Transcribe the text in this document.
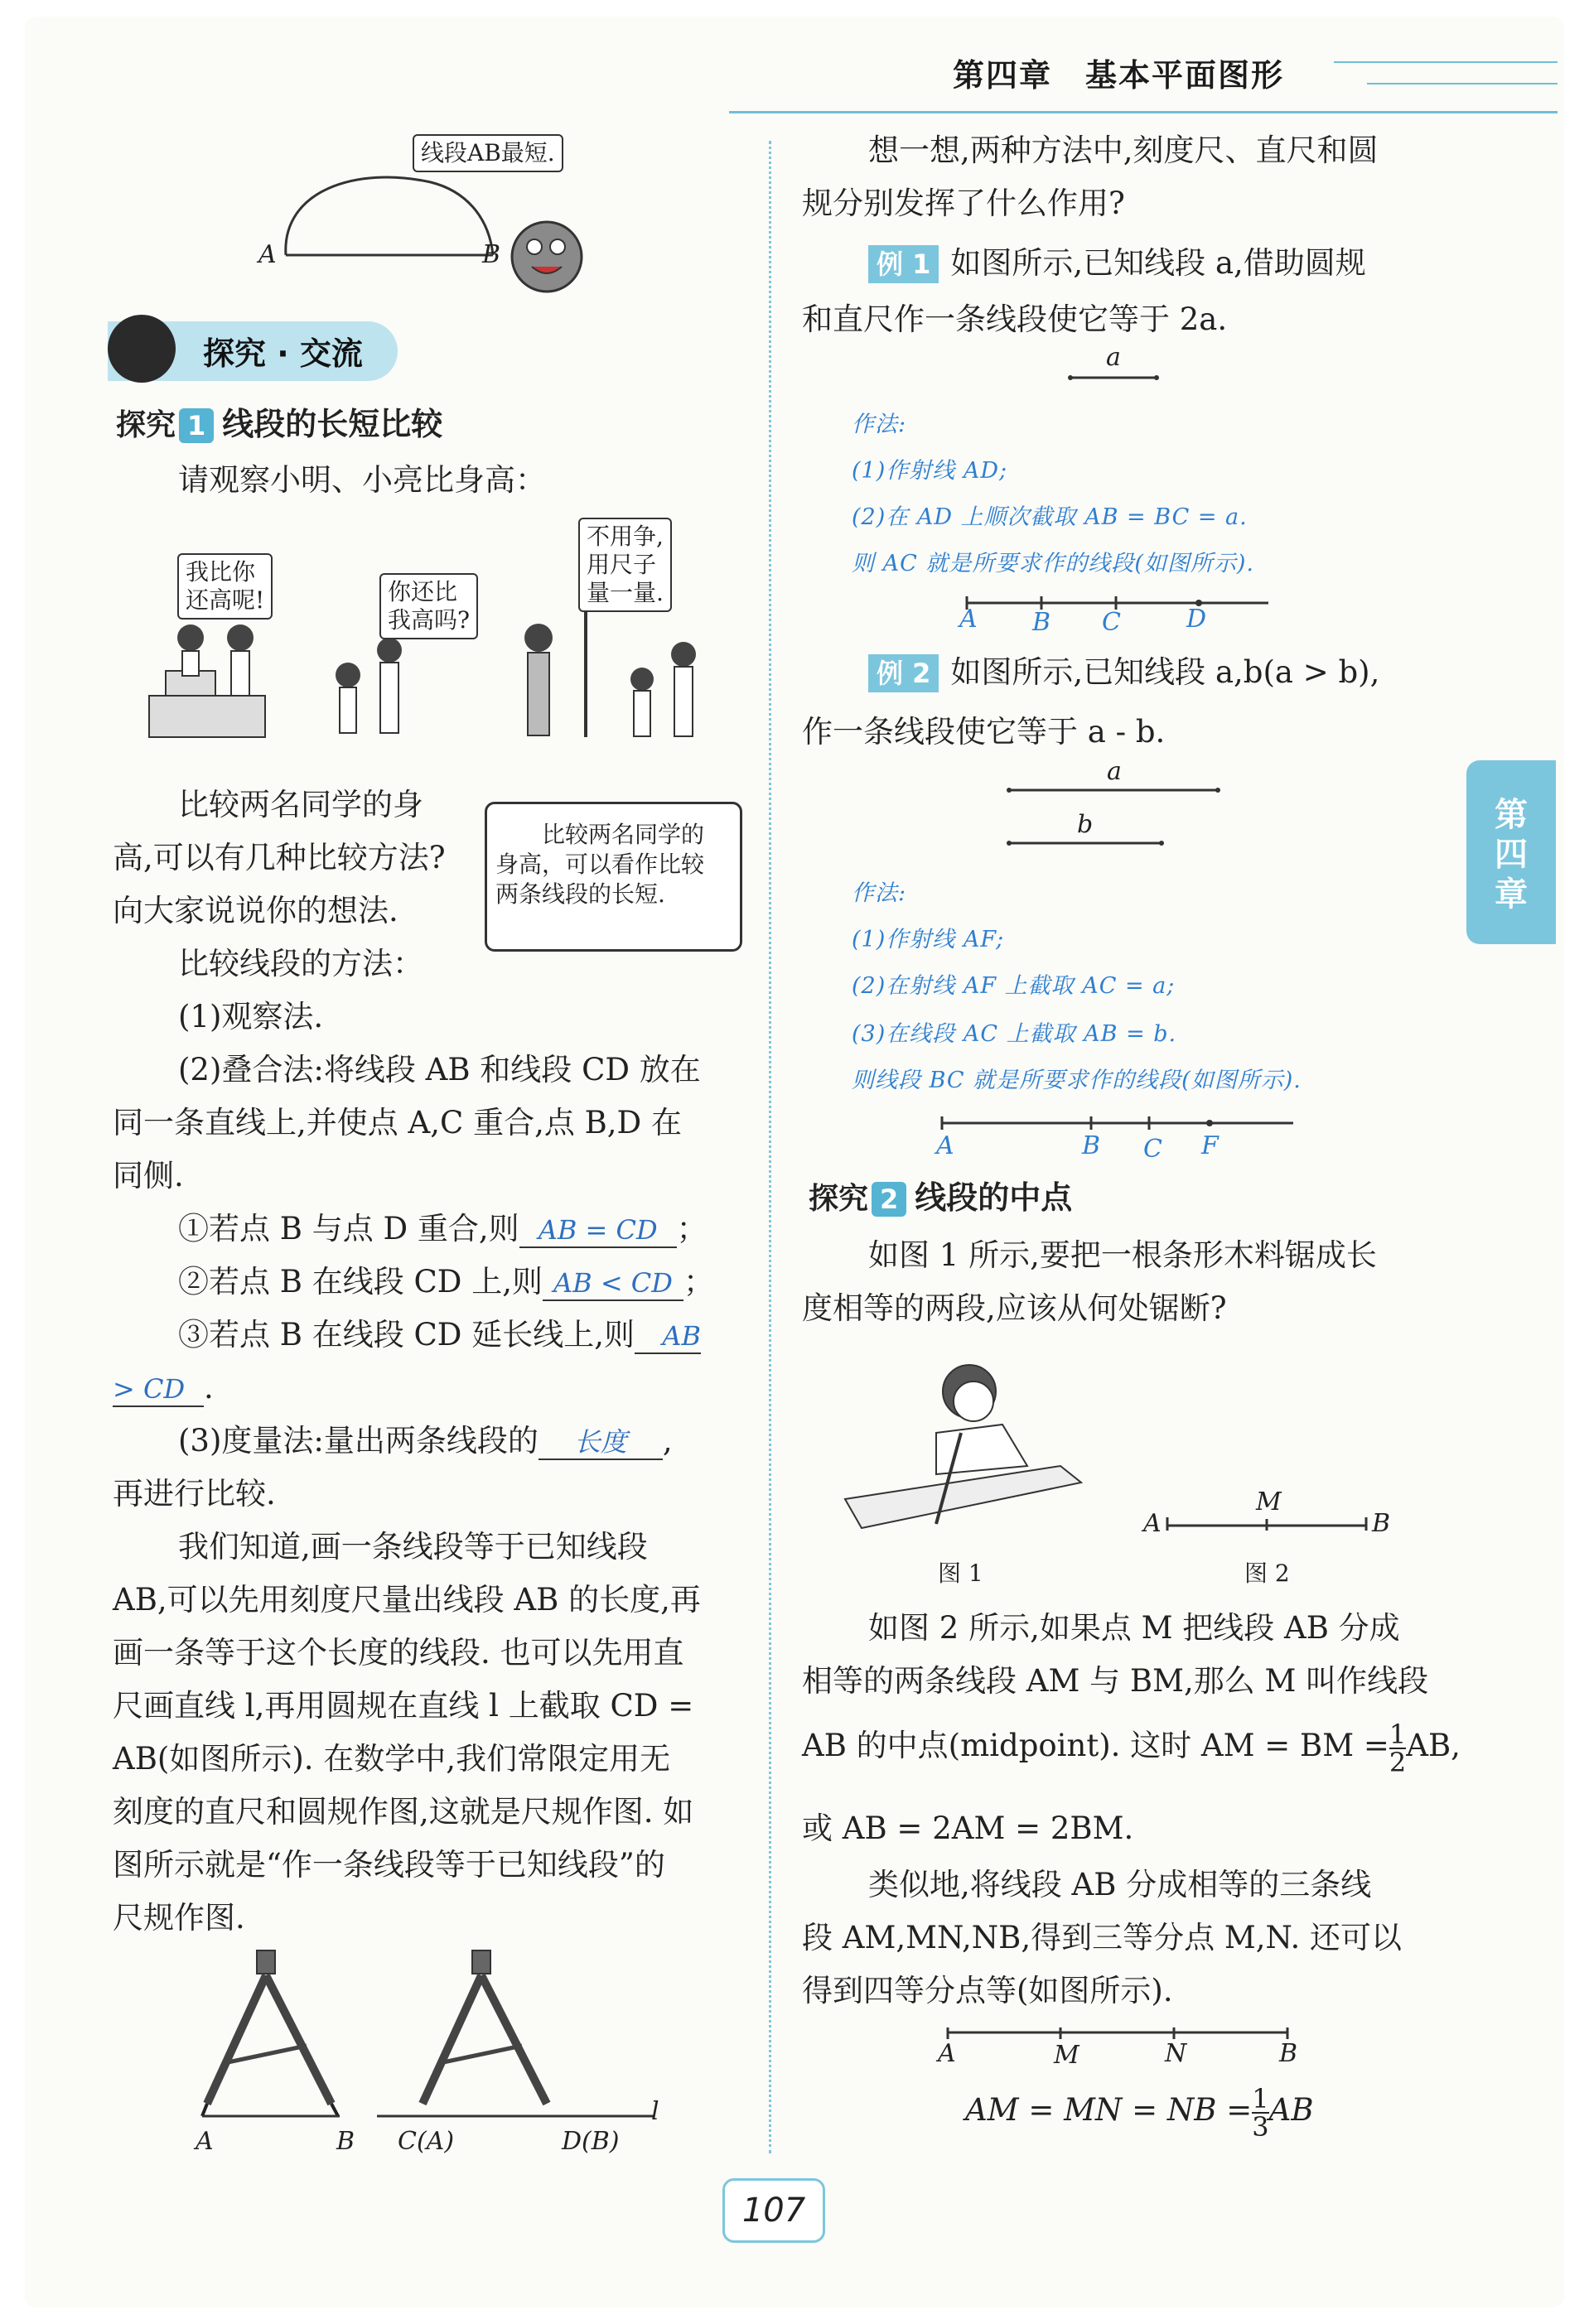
第四章　基本平面图形
第四章
线段AB最短.
A	B
探究 · 交流
探究 1 线段的长短比较
请观察小明、小亮比身高：
我比你
还高呢!	你还比
我高吗?
不用争,
用尺子
量一量.
比较两名同学的身
高,可以有几种比较方法?
向大家说说你的想法.
比较两名同学的
身高，可以看作比较
两条线段的长短.
比较线段的方法：
(1)观察法.
(2)叠合法:将线段 AB 和线段 CD 放在
同一条直线上,并使点 A,C 重合,点 B,D 在
同侧.
①若点 B 与点 D 重合,则 AB = CD ；
②若点 B 在线段 CD 上,则 AB < CD ；
③若点 B 在线段 CD 延长线上,则 AB
> CD .
(3)度量法:量出两条线段的 长度 ,
再进行比较.
我们知道,画一条线段等于已知线段
AB,可以先用刻度尺量出线段 AB 的长度,再
画一条等于这个长度的线段. 也可以先用直
尺画直线 l,再用圆规在直线 l 上截取 CD =
AB(如图所示). 在数学中,我们常限定用无
刻度的直尺和圆规作图,这就是尺规作图. 如
图所示就是“作一条线段等于已知线段”的
尺规作图.
A	B C(A)	D(B)
l
想一想,两种方法中,刻度尺、直尺和圆
规分别发挥了什么作用?
例 1 如图所示,已知线段 a,借助圆规
和直尺作一条线段使它等于 2a.
a
作法:
(1)作射线 AD;
(2)在 AD 上顺次截取 AB = BC = a.
则 AC 就是所要求作的线段(如图所示).
A B C	D
例 2 如图所示,已知线段 a,b(a > b),
作一条线段使它等于 a - b.
a
b
作法:
(1)作射线 AF;
(2)在射线 AF 上截取 AC = a;
(3)在线段 AC 上截取 AB = b.
则线段 BC 就是所要求作的线段(如图所示).
A	B C F
探究 2 线段的中点
如图 1 所示,要把一根条形木料锯成长
度相等的两段,应该从何处锯断?
A
M
B
图 1	图 2
如图 2 所示,如果点 M 把线段 AB 分成
相等的两条线段 AM 与 BM,那么 M 叫作线段
AB 的中点(midpoint). 这时 AM = BM = $\frac{1}{2}$ AB,
或 AB = 2AM = 2BM.
类似地,将线段 AB 分成相等的三条线
段 AM,MN,NB,得到三等分点 M,N. 还可以
得到四等分点等(如图所示).
A	M	N	B
AM = MN = NB = $\frac{1}{3}$ AB
107
